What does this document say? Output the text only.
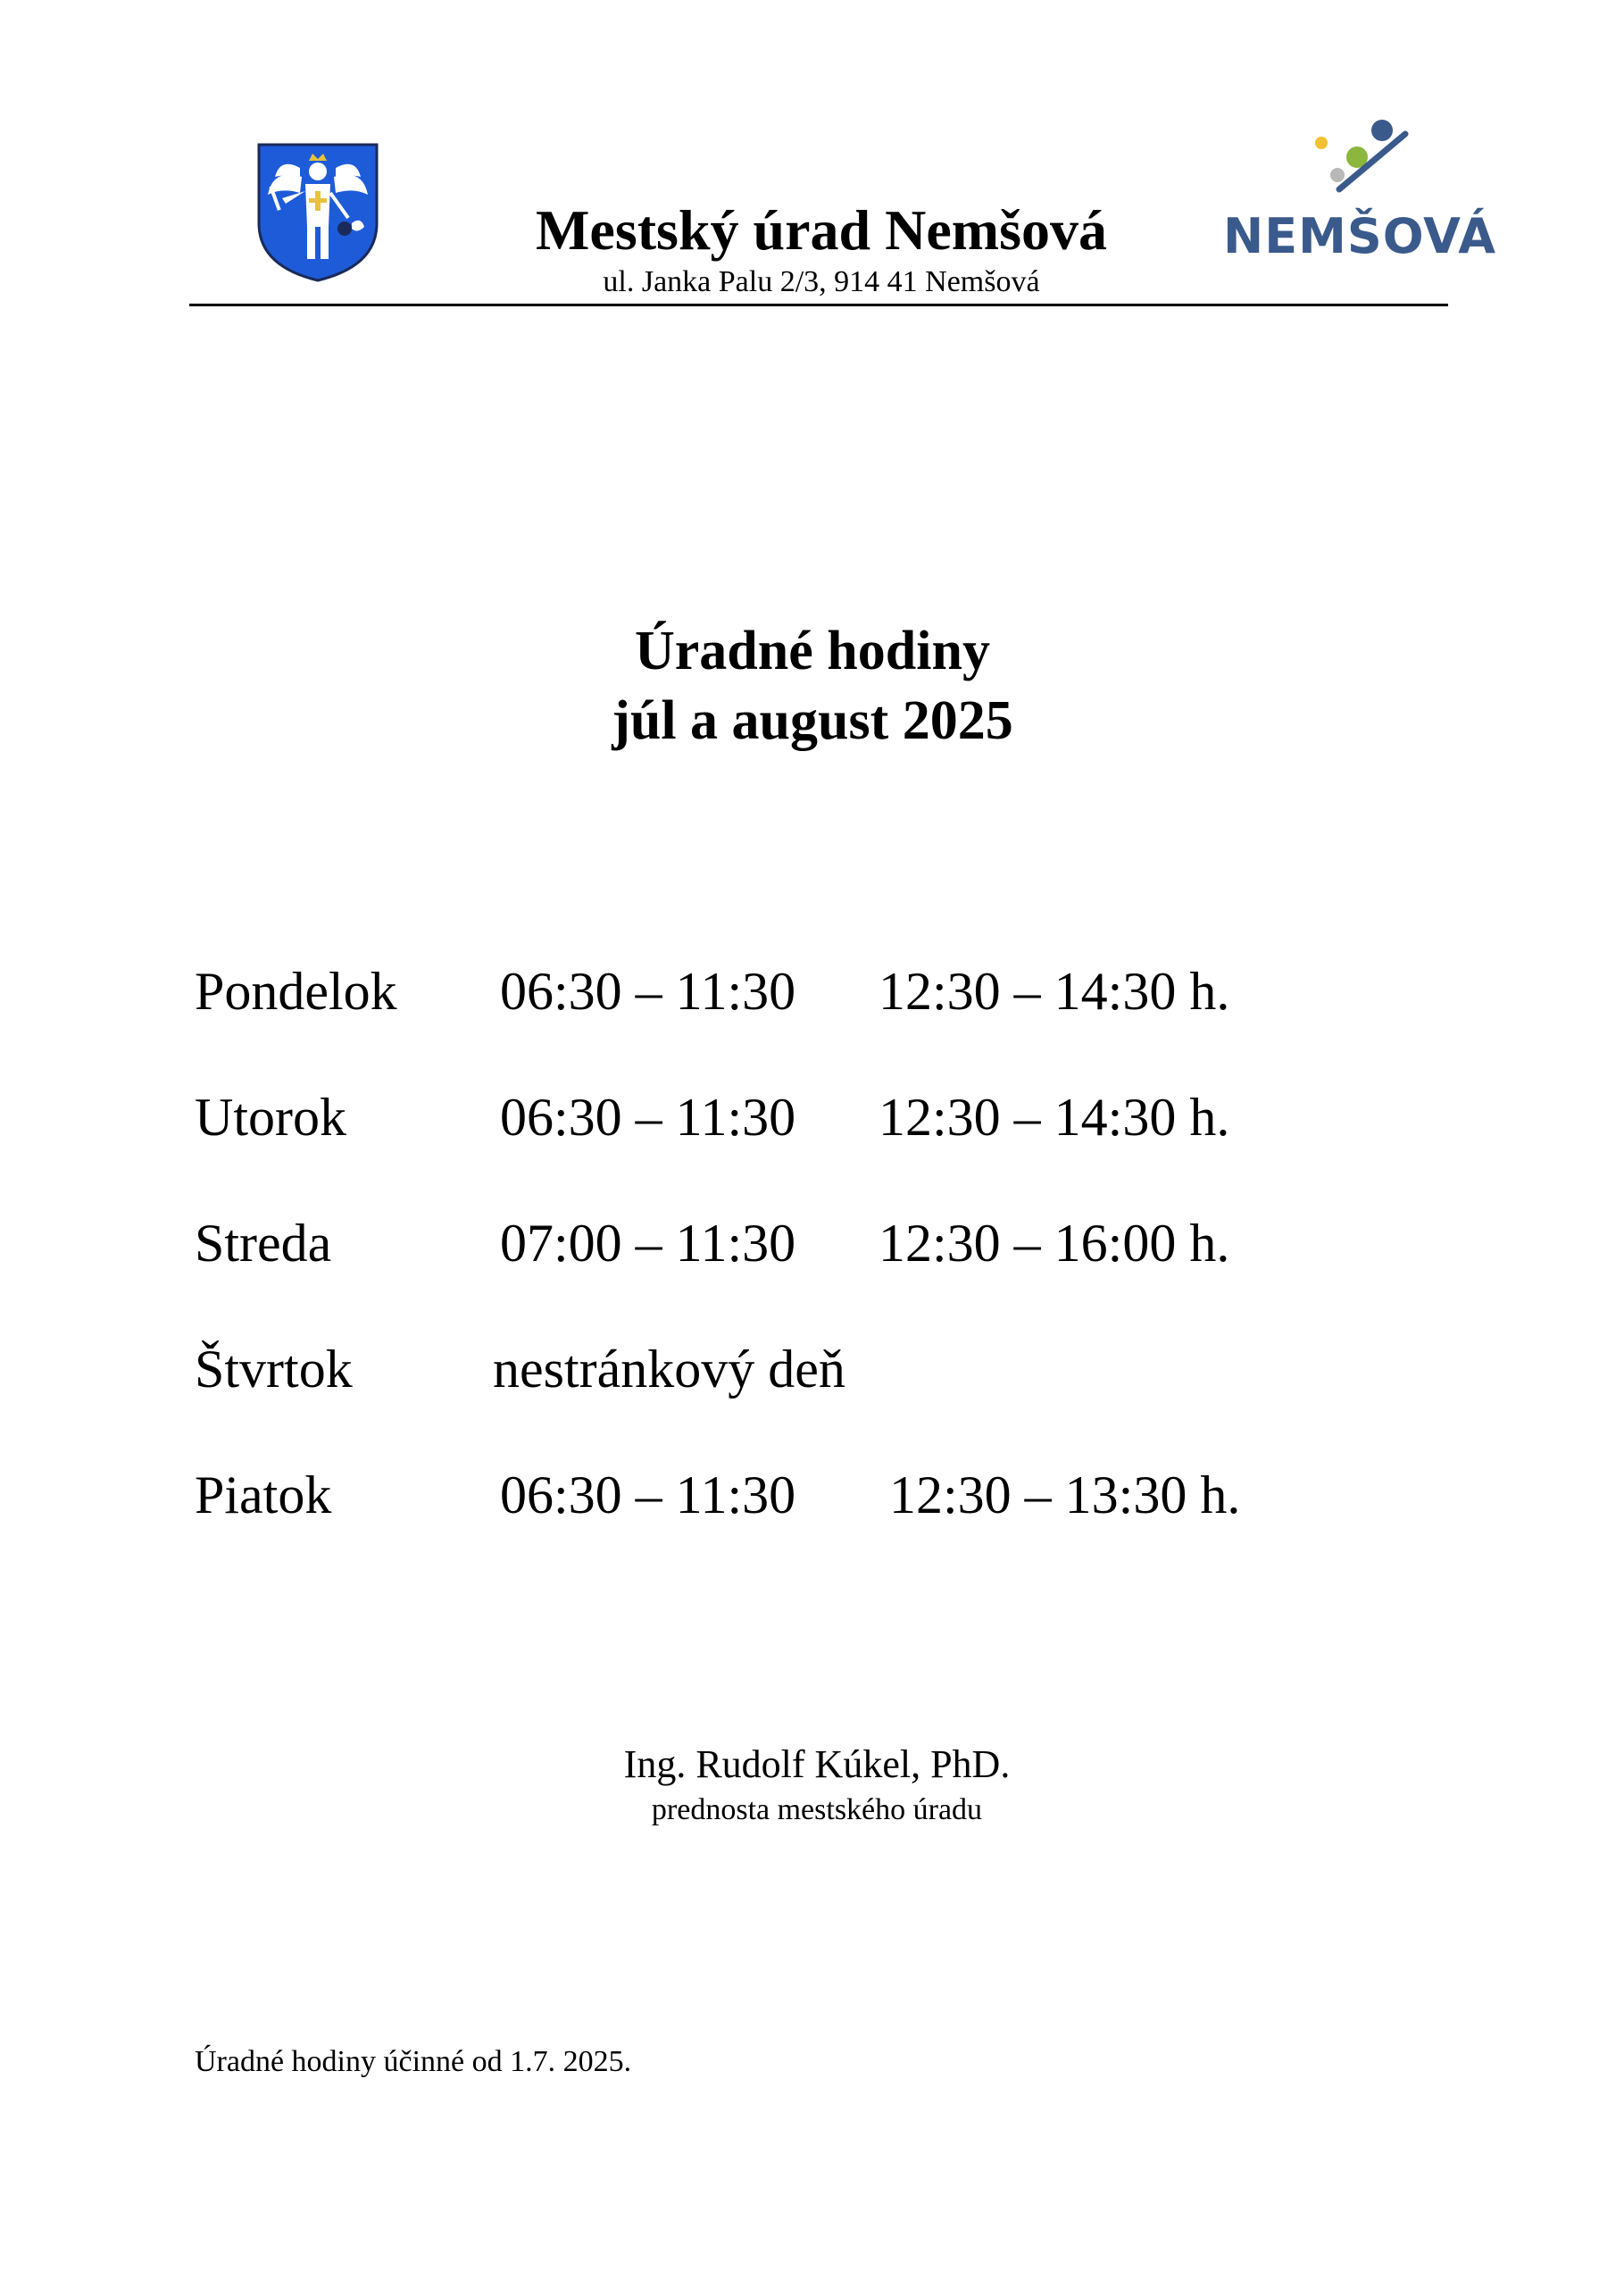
Mestský úrad Nemšová
ul. Janka Palu 2/3, 914 41 Nemšová
NEMŠOVÁ
Úradné hodiny
júl a august 2025
Pondelok 06:30 – 11:30 12:30 – 14:30 h.
Utorok	06:30 – 11:30 12:30 – 14:30 h.
Streda	07:00 – 11:30 12:30 – 16:00 h.
Štvrtok	nestránkový deň
Piatok	06:30 – 11:30 12:30 – 13:30 h.
Ing. Rudolf Kúkel, PhD.
prednosta mestského úradu
Úradné hodiny účinné od 1.7. 2025.
